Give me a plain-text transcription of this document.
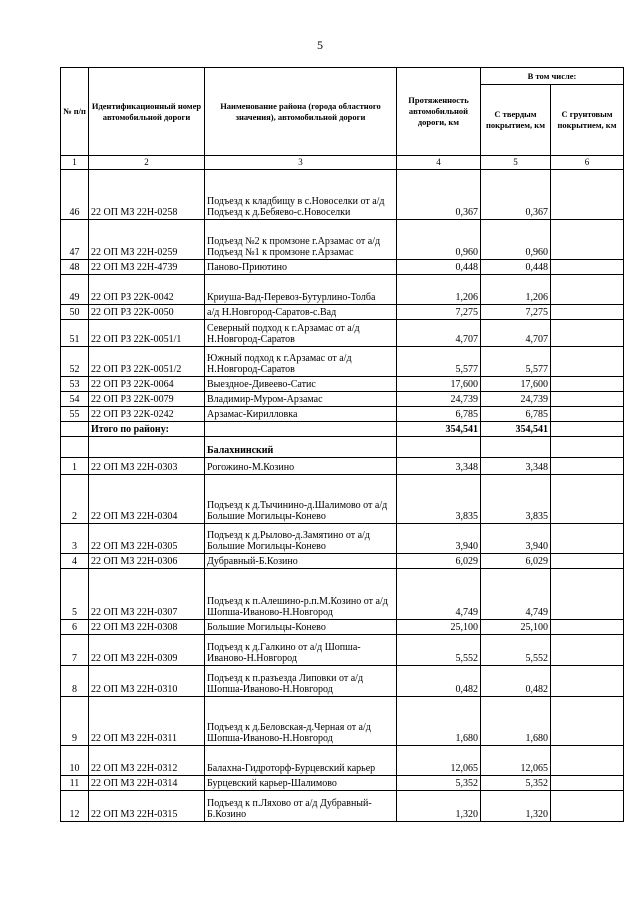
5
№ п/п	Идентификационный номер автомобильной дороги	Наименование района (города областного значения), автомобильной дороги	Протяженность автомобильной дороги, км	В том числе:	
				С твердым покрытием, км	С грунтовым покрытием, км
1	2	3	4	5	6
46	22 ОП МЗ 22Н-0258	Подъезд к кладбищу в с.Новоселки от а/д Подъезд к д.Бебяево-с.Новоселки	0,367	0,367	
47	22 ОП МЗ 22Н-0259	Подъезд №2 к промзоне г.Арзамас от а/д Подъезд №1 к промзоне г.Арзамас	0,960	0,960	
48	22 ОП МЗ 22Н-4739	Паново-Приютино	0,448	0,448	
49	22 ОП РЗ 22К-0042	Криуша-Вад-Перевоз-Бутурлино-Толба	1,206	1,206	
50	22 ОП РЗ 22К-0050	а/д Н.Новгород-Саратов-с.Вад	7,275	7,275	
51	22 ОП РЗ 22К-0051/1	Северный подход к г.Арзамас от а/д Н.Новгород-Саратов	4,707	4,707	
52	22 ОП РЗ 22К-0051/2	Южный подход к г.Арзамас от а/д Н.Новгород-Саратов	5,577	5,577	
53	22 ОП РЗ 22К-0064	Выездное-Дивеево-Сатис	17,600	17,600	
54	22 ОП РЗ 22К-0079	Владимир-Муром-Арзамас	24,739	24,739	
55	22 ОП РЗ 22К-0242	Арзамас-Кирилловка	6,785	6,785	
	Итого по району:		354,541	354,541	
		Балахнинский			
1	22 ОП МЗ 22Н-0303	Рогожино-М.Козино	3,348	3,348	
2	22 ОП МЗ 22Н-0304	Подъезд к д.Тычинино-д.Шалимово от а/д Большие Могильцы-Конево	3,835	3,835	
3	22 ОП МЗ 22Н-0305	Подъезд к д.Рылово-д.Замятино от а/д Большие Могильцы-Конево	3,940	3,940	
4	22 ОП МЗ 22Н-0306	Дубравный-Б.Козино	6,029	6,029	
5	22 ОП МЗ 22Н-0307	Подъезд к п.Алешино-р.п.М.Козино от а/д Шопша-Иваново-Н.Новгород	4,749	4,749	
6	22 ОП МЗ 22Н-0308	Большие Могильцы-Конево	25,100	25,100	
7	22 ОП МЗ 22Н-0309	Подъезд к д.Галкино от а/д Шопша-Иваново-Н.Новгород	5,552	5,552	
8	22 ОП МЗ 22Н-0310	Подъезд к п.разъезда Липовки от а/д Шопша-Иваново-Н.Новгород	0,482	0,482	
9	22 ОП МЗ 22Н-0311	Подъезд к д.Беловская-д.Черная от а/д Шопша-Иваново-Н.Новгород	1,680	1,680	
10	22 ОП МЗ 22Н-0312	Балахна-Гидроторф-Бурцевский карьер	12,065	12,065	
11	22 ОП МЗ 22Н-0314	Бурцевский карьер-Шалимово	5,352	5,352	
12	22 ОП МЗ 22Н-0315	Подъезд к п.Ляхово от а/д Дубравный-Б.Козино	1,320	1,320	
